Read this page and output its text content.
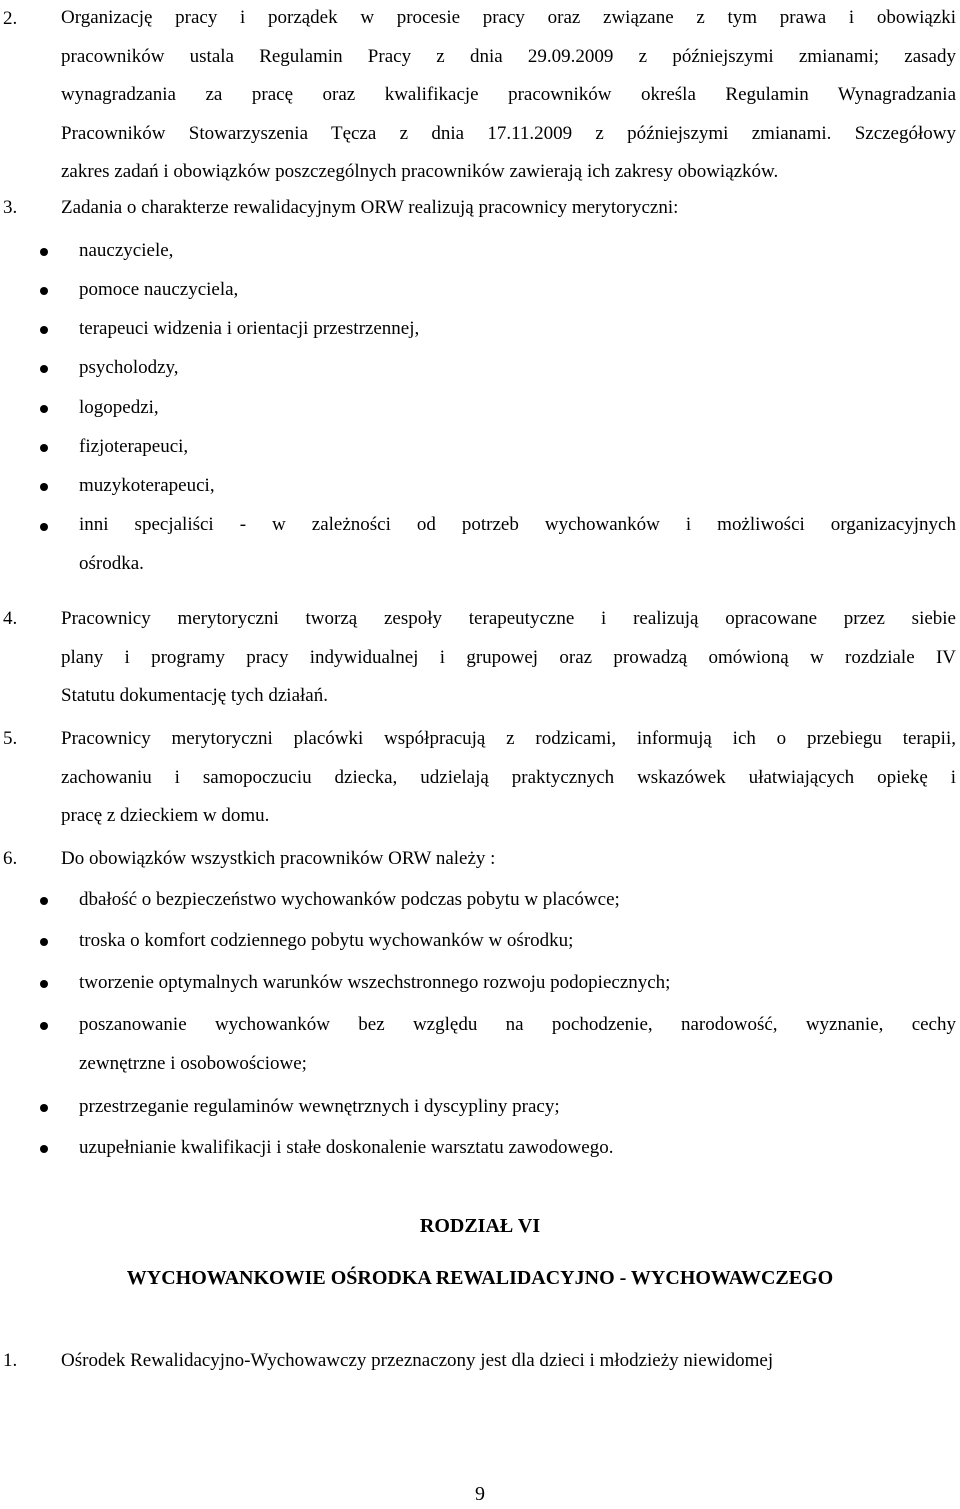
2. Organizację pracy i porządek w procesie pracy oraz związane z tym prawa i obowiązki
pracowników ustala Regulamin Pracy z dnia 29.09.2009 z późniejszymi zmianami; zasady
wynagradzania za pracę oraz kwalifikacje pracowników określa Regulamin Wynagradzania
Pracowników Stowarzyszenia Tęcza z dnia 17.11.2009 z późniejszymi zmianami. Szczegółowy
zakres zadań i obowiązków poszczególnych pracowników zawierają ich zakresy obowiązków.
3. Zadania o charakterze rewalidacyjnym ORW realizują pracownicy merytoryczni:
nauczyciele,
pomoce nauczyciela,
terapeuci widzenia i orientacji przestrzennej,
psycholodzy,
logopedzi,
fizjoterapeuci,
muzykoterapeuci,
inni specjaliści - w zależności od potrzeb wychowanków i możliwości organizacyjnych
ośrodka.
4. Pracownicy merytoryczni tworzą zespoły terapeutyczne i realizują opracowane przez siebie
plany i programy pracy indywidualnej i grupowej oraz prowadzą omówioną w rozdziale IV
Statutu dokumentację tych działań.
5. Pracownicy merytoryczni placówki współpracują z rodzicami, informują ich o przebiegu terapii,
zachowaniu i samopoczuciu dziecka, udzielają praktycznych wskazówek ułatwiających opiekę i
pracę z dzieckiem w domu.
6. Do obowiązków wszystkich pracowników ORW należy :
dbałość o bezpieczeństwo wychowanków podczas pobytu w placówce;
troska o komfort codziennego pobytu wychowanków w ośrodku;
tworzenie optymalnych warunków wszechstronnego rozwoju podopiecznych;
poszanowanie wychowanków bez względu na pochodzenie, narodowość, wyznanie, cechy
zewnętrzne i osobowościowe;
przestrzeganie regulaminów wewnętrznych i dyscypliny pracy;
uzupełnianie kwalifikacji i stałe doskonalenie warsztatu zawodowego.
RODZIAŁ VI
WYCHOWANKOWIE OŚRODKA REWALIDACYJNO - WYCHOWAWCZEGO
1. Ośrodek Rewalidacyjno-Wychowawczy przeznaczony jest dla dzieci i młodzieży niewidomej
9
